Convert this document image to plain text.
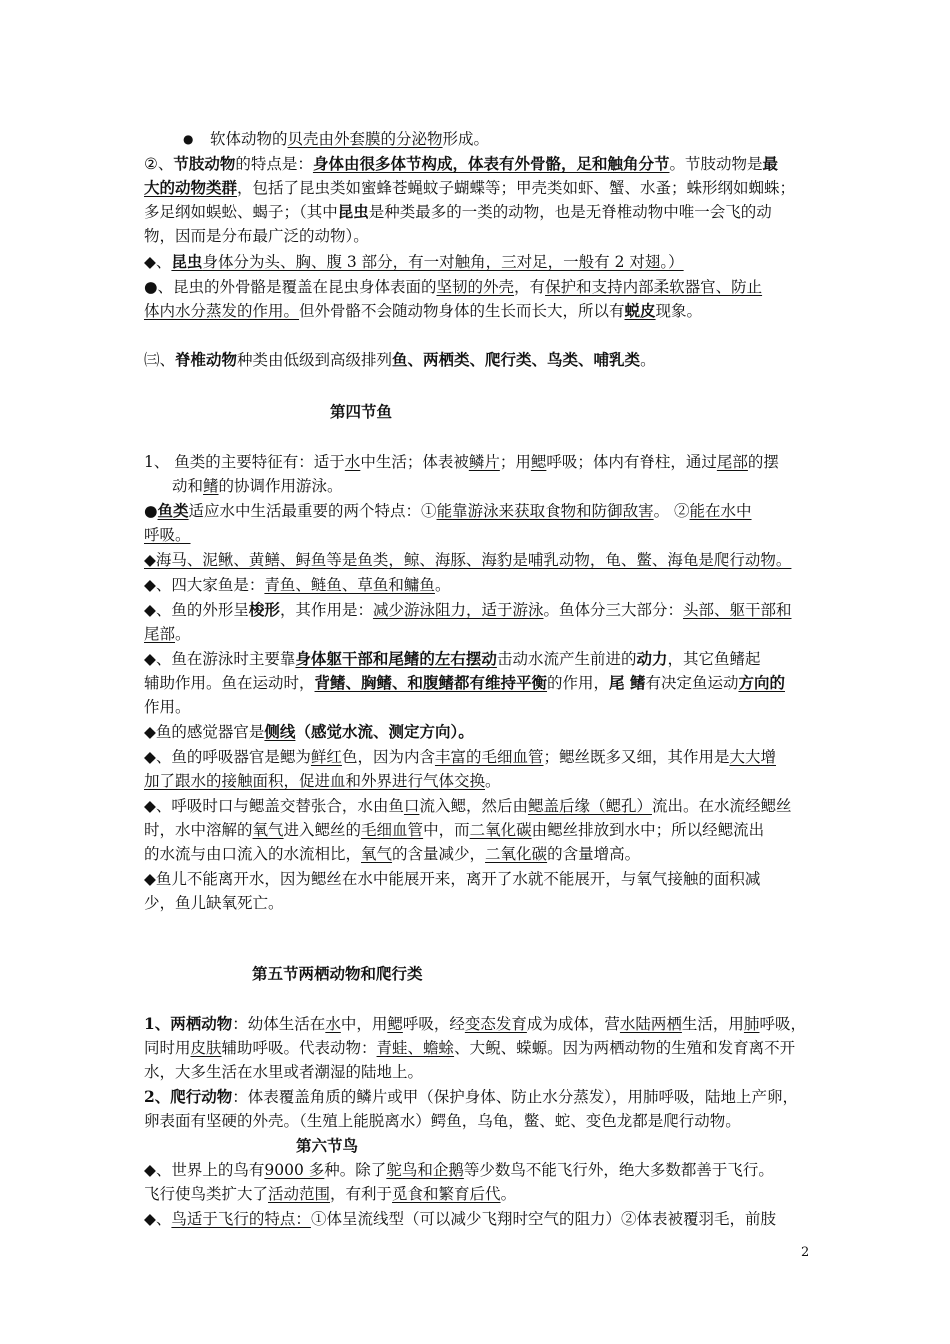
● 软体动物的贝壳由外套膜的分泌物形成。
②、节肢动物的特点是：身体由很多体节构成，体表有外骨骼，足和触角分节。节肢动物是最
大的动物类群，包括了昆虫类如蜜蜂苍蝇蚊子蝴蝶等；甲壳类如虾、蟹、水蚤；蛛形纲如蜘蛛；
多足纲如蜈蚣、蝎子；（其中昆虫是种类最多的一类的动物，也是无脊椎动物中唯一会飞的动
物，因而是分布最广泛的动物）。
◆、昆虫身体分为头、胸、腹 3 部分，有一对触角，三对足，一般有 2 对翅。）
●、昆虫的外骨骼是覆盖在昆虫身体表面的坚韧的外壳，有保护和支持内部柔软器官、防止
体内水分蒸发的作用。但外骨骼不会随动物身体的生长而长大，所以有蜕皮现象。
㈢、脊椎动物种类由低级到高级排列鱼、两栖类、爬行类、鸟类、哺乳类。
1、 鱼类的主要特征有：适于水中生活；体表被鳞片；用鳃呼吸；体内有脊柱，通过尾部的摆
动和鳍的协调作用游泳。
●鱼类适应水中生活最重要的两个特点：①能靠游泳来获取食物和防御敌害。 ②能在水中
呼吸。
◆海马、泥鳅、黄鳝、鲟鱼等是鱼类，鲸、海豚、海豹是哺乳动物，龟、鳖、海龟是爬行动物。
◆、四大家鱼是：青鱼、鲢鱼、草鱼和鳙鱼。
◆、鱼的外形呈梭形，其作用是：减少游泳阻力，适于游泳。鱼体分三大部分：头部、躯干部和
尾部。
◆、鱼在游泳时主要靠身体躯干部和尾鳍的左右摆动击动水流产生前进的动力，其它鱼鳍起
辅助作用。鱼在运动时，背鳍、胸鳍、和腹鳍都有维持平衡的作用，尾 鳍有决定鱼运动方向的
作用。
◆鱼的感觉器官是侧线（感觉水流、测定方向）。
◆、鱼的呼吸器官是鳃为鲜红色，因为内含丰富的毛细血管；鳃丝既多又细，其作用是大大增
加了跟水的接触面积，促进血和外界进行气体交换。
◆、呼吸时口与鳃盖交替张合，水由鱼口流入鳃，然后由鳃盖后缘（鳃孔）流出。在水流经鳃丝
时，水中溶解的氧气进入鳃丝的毛细血管中，而二氧化碳由鳃丝排放到水中；所以经鳃流出
的水流与由口流入的水流相比，氧气的含量减少，二氧化碳的含量增高。
◆鱼儿不能离开水，因为鳃丝在水中能展开来，离开了水就不能展开，与氧气接触的面积减
少，鱼儿缺氧死亡。
1、两栖动物：幼体生活在水中，用鳃呼吸，经变态发育成为成体，营水陆两栖生活，用肺呼吸，
同时用皮肤辅助呼吸。代表动物：青蛙、蟾蜍、大鲵、蝾螈。因为两栖动物的生殖和发育离不开
水，大多生活在水里或者潮湿的陆地上。
2、爬行动物：体表覆盖角质的鳞片或甲（保护身体、防止水分蒸发），用肺呼吸，陆地上产卵，
卵表面有坚硬的外壳。（生殖上能脱离水）鳄鱼，乌龟，鳖、蛇、变色龙都是爬行动物。
◆、世界上的鸟有9000 多种。除了鸵鸟和企鹅等少数鸟不能飞行外，绝大多数都善于飞行。
飞行使鸟类扩大了活动范围，有利于觅食和繁育后代。
◆、鸟适于飞行的特点：①体呈流线型（可以减少飞翔时空气的阻力）②体表被覆羽毛，前肢
第四节鱼
第五节两栖动物和爬行类
第六节鸟
2
